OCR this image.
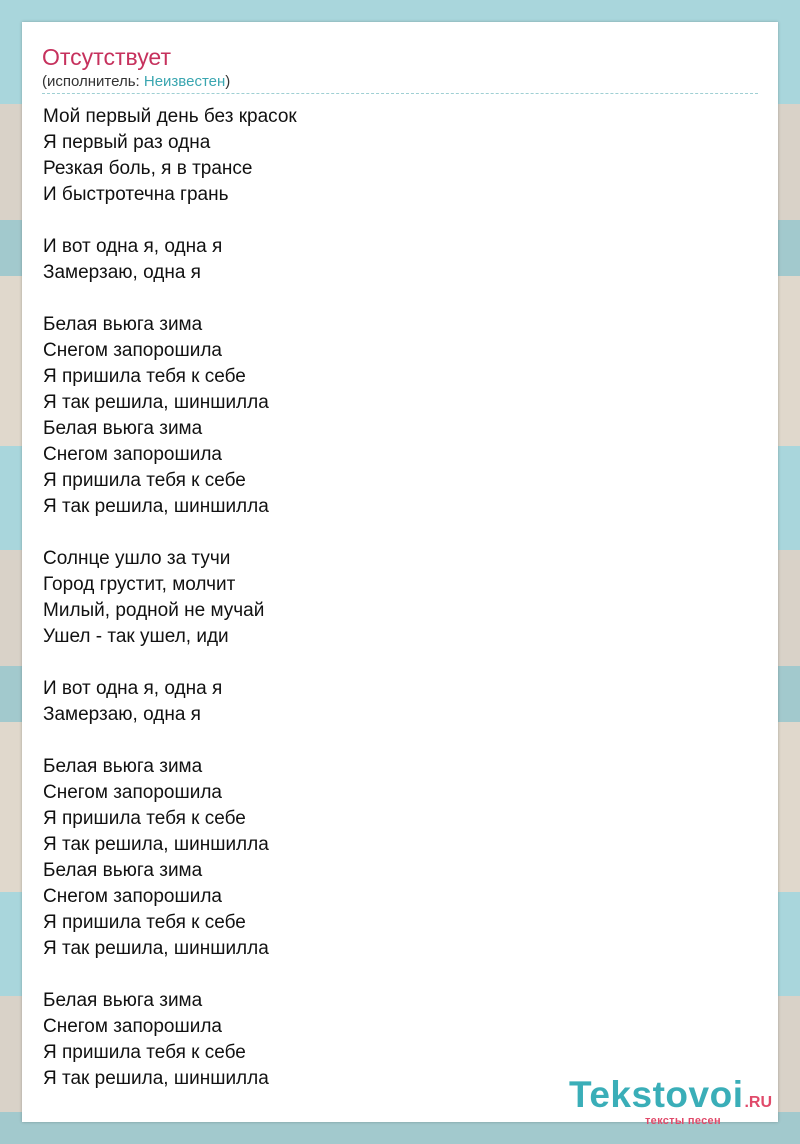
Отсутствует
(исполнитель: Неизвестен)
Мой первый день без красок
Я первый раз одна
Резкая боль, я в трансе
И быстротечна грань
И вот одна я, одна я
Замерзаю, одна я
Белая вьюга зима
Снегом запорошила
Я пришила тебя к себе
Я так решила, шиншилла
Белая вьюга зима
Снегом запорошила
Я пришила тебя к себе
Я так решила, шиншилла
Солнце ушло за тучи
Город грустит, молчит
Милый, родной не мучай
Ушел - так ушел, иди
И вот одна я, одна я
Замерзаю, одна я
Белая вьюга зима
Снегом запорошила
Я пришила тебя к себе
Я так решила, шиншилла
Белая вьюга зима
Снегом запорошила
Я пришила тебя к себе
Я так решила, шиншилла
Белая вьюга зима
Снегом запорошила
Я пришила тебя к себе
Я так решила, шиншилла	Tekstovoi.RU
тексты песен
